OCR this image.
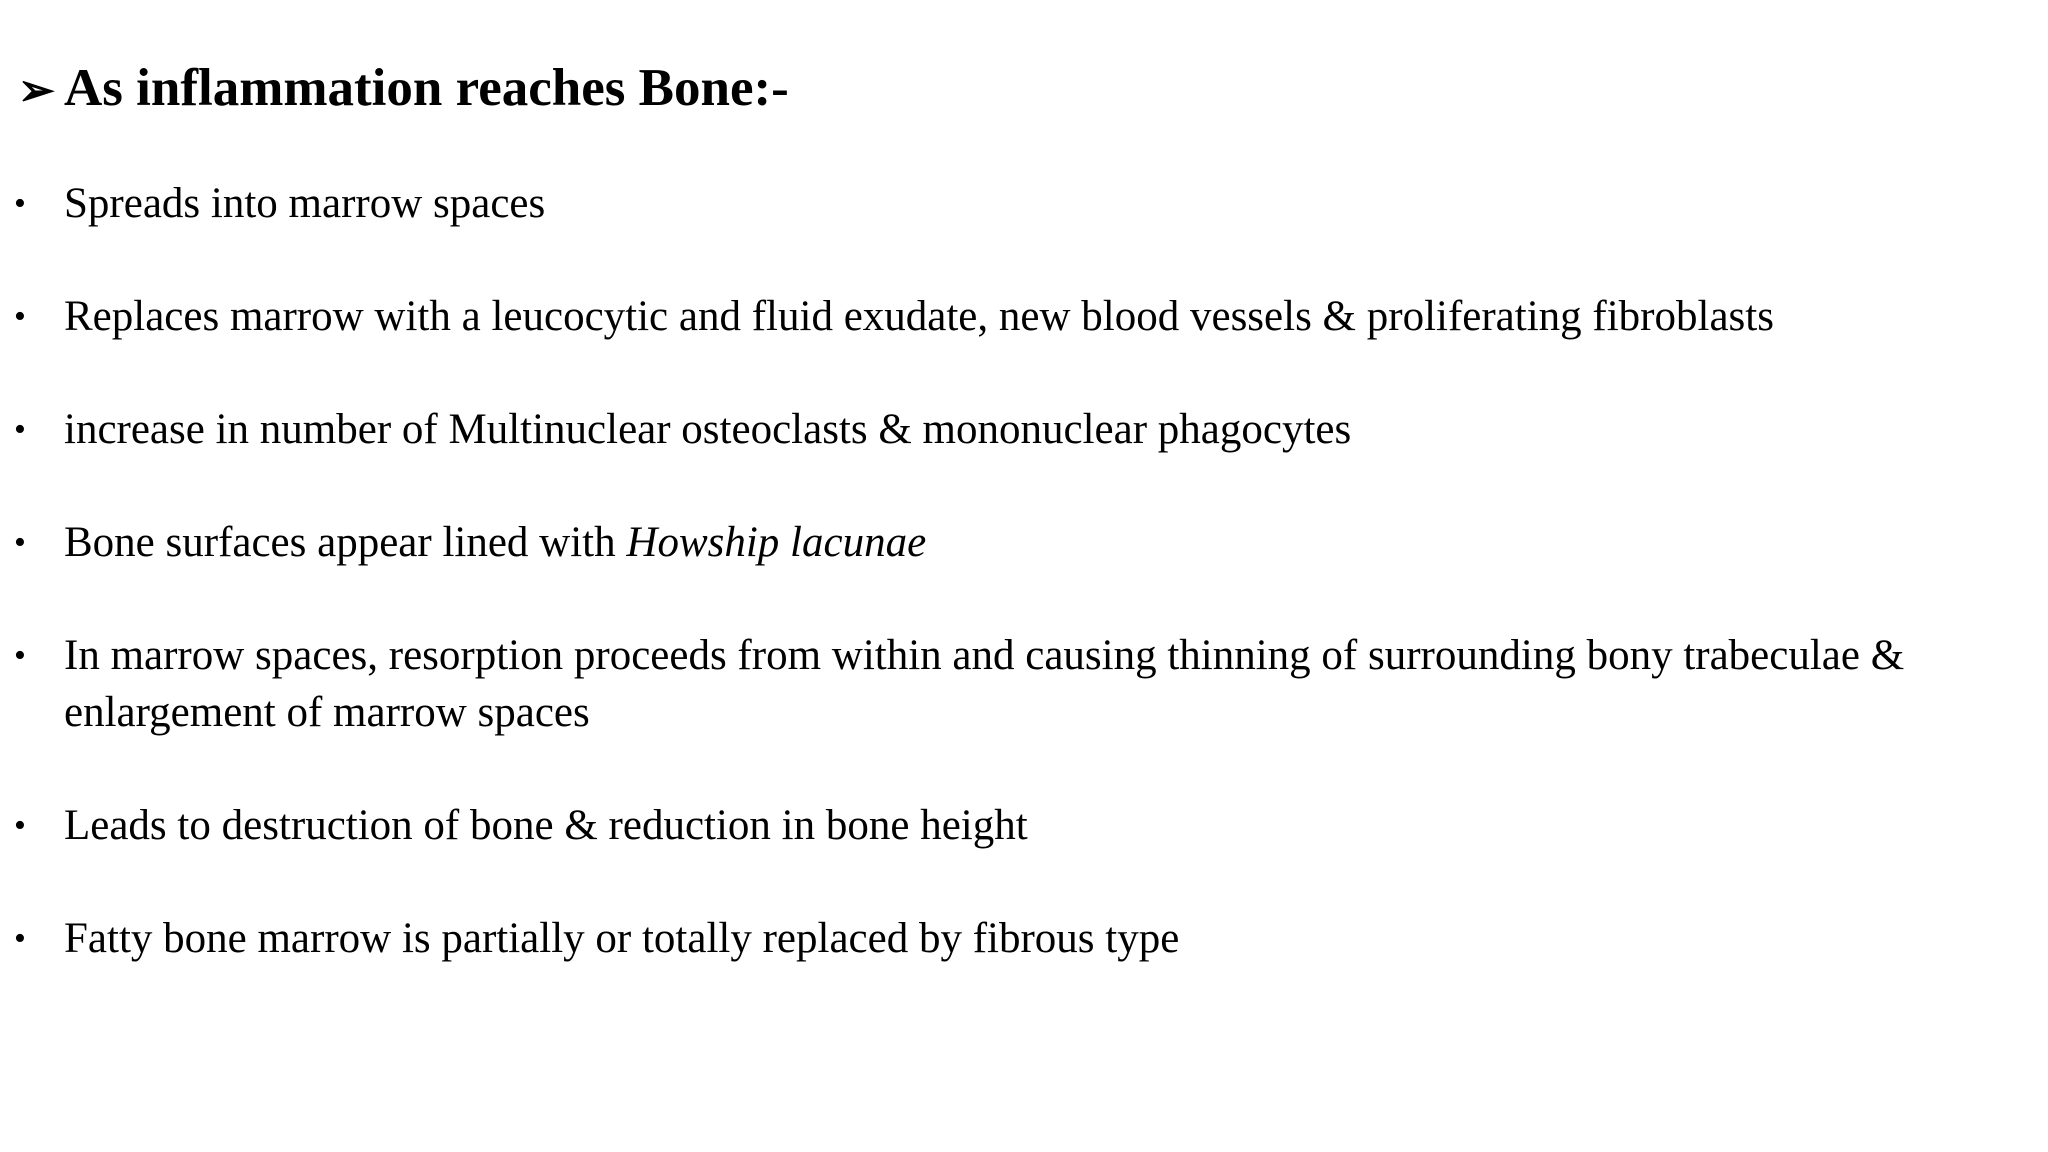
➢ As inflammation reaches Bone:-
• Spreads into marrow spaces
• Replaces marrow with a leucocytic and fluid exudate, new blood vessels & proliferating fibroblasts
• increase in number of Multinuclear osteoclasts & mononuclear phagocytes
• Bone surfaces appear lined with Howship lacunae
• In marrow spaces, resorption proceeds from within and causing thinning of surrounding bony trabeculae & enlargement of marrow spaces
• Leads to destruction of bone & reduction in bone height
• Fatty bone marrow is partially or totally replaced by fibrous type
